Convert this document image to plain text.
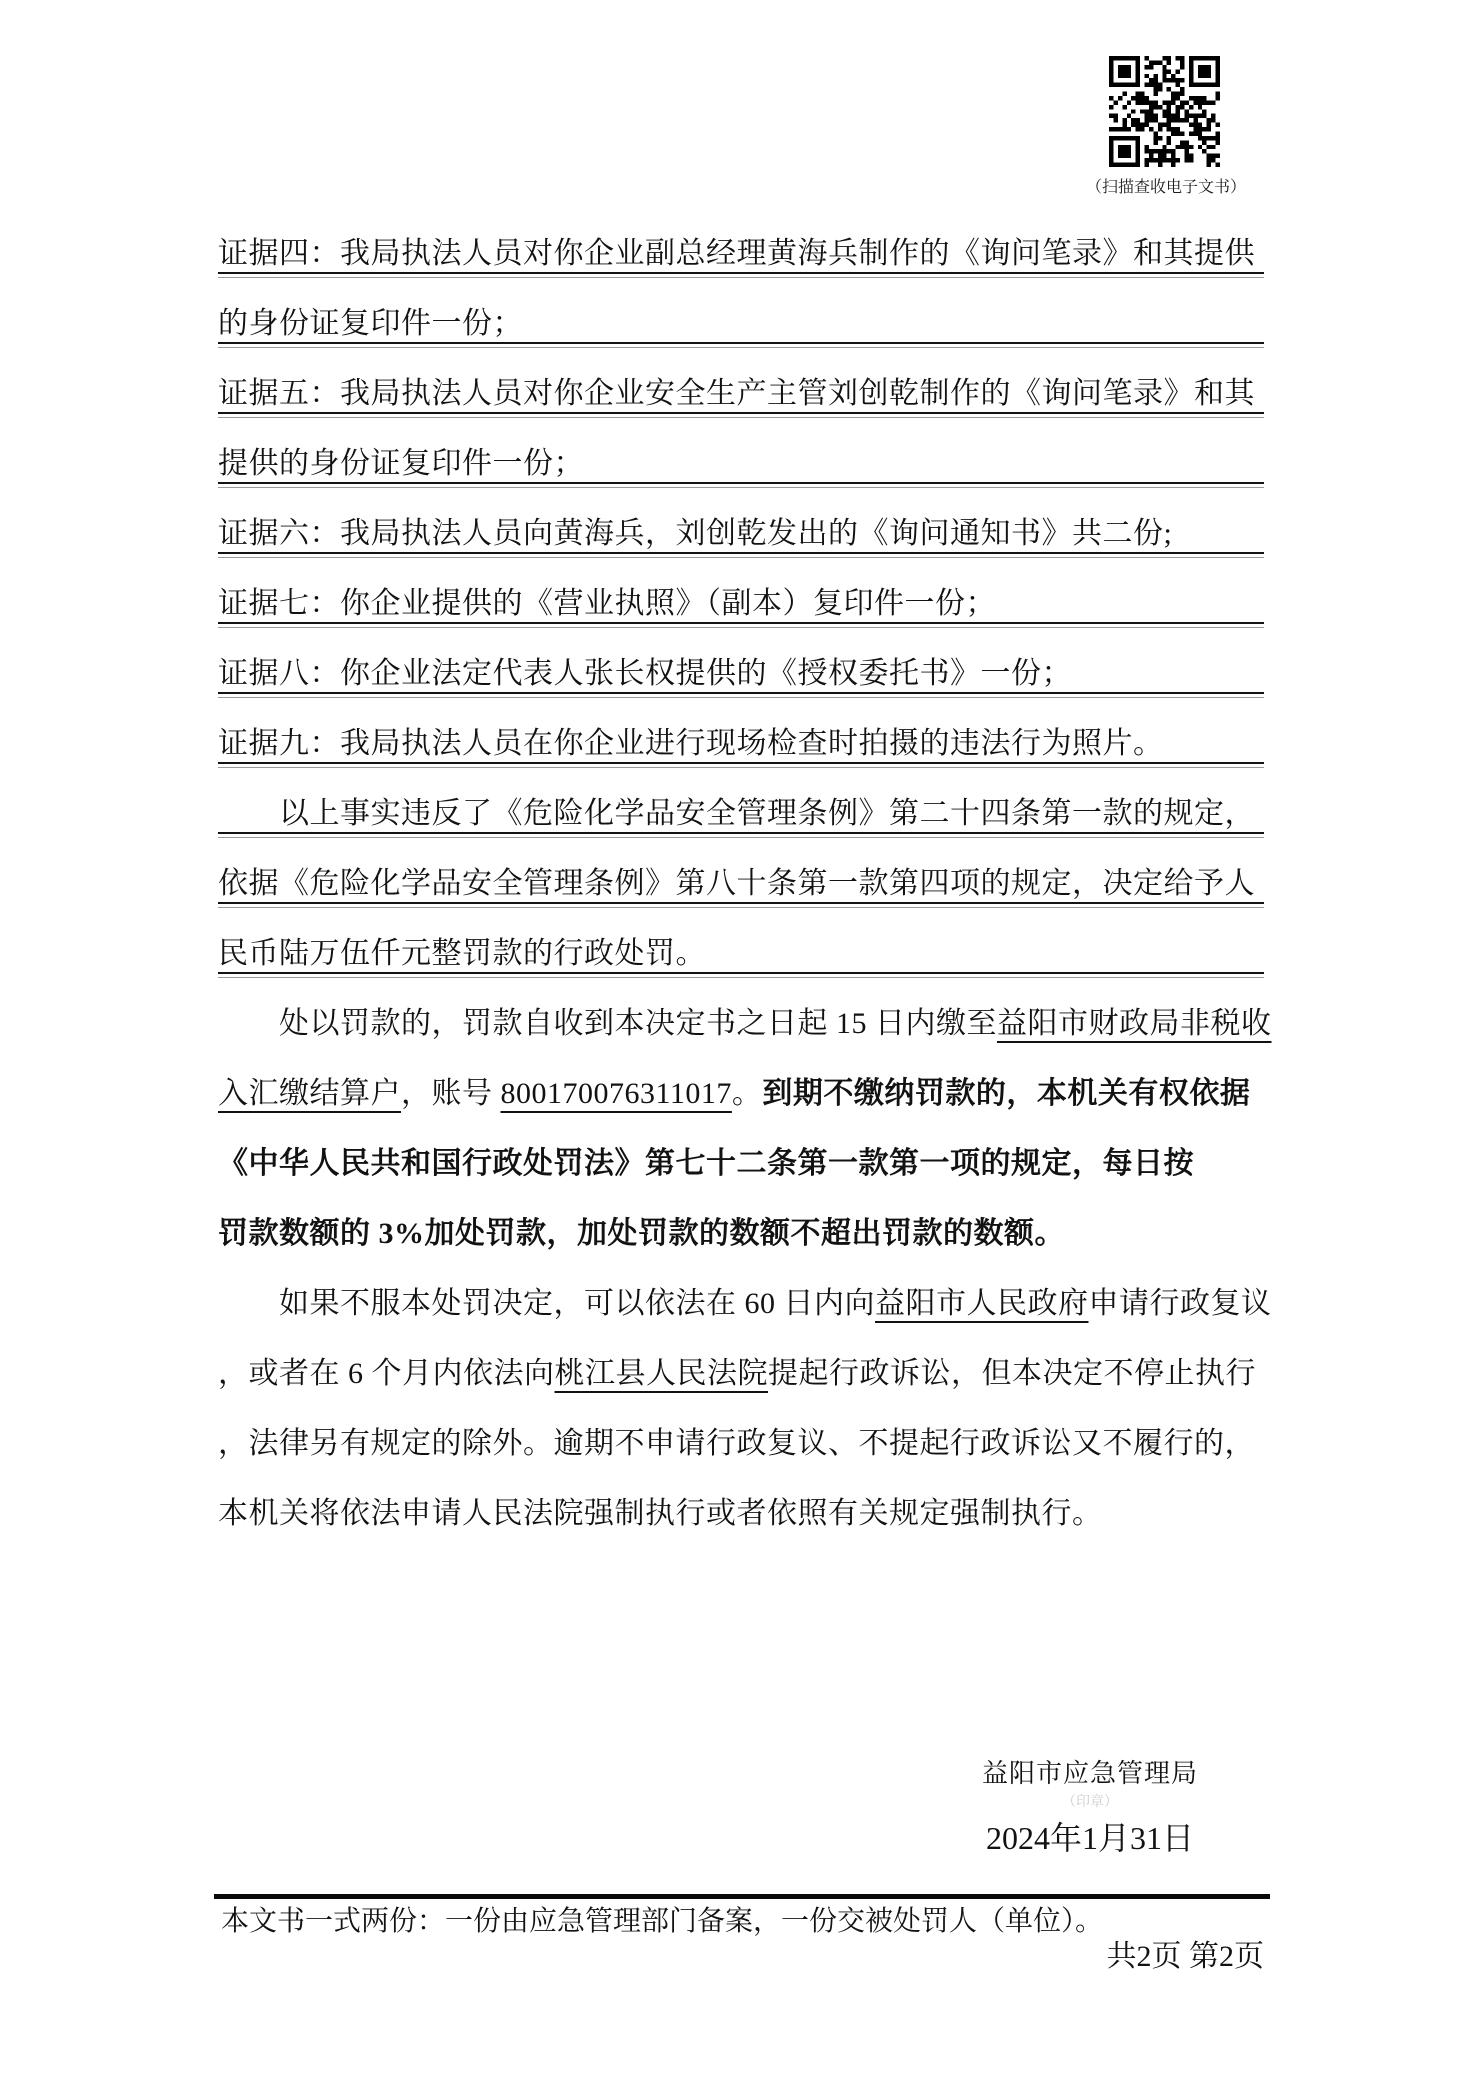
（扫描查收电子文书）
证据四：我局执法人员对你企业副总经理黄海兵制作的《询问笔录》和其提供
的身份证复印件一份；
证据五：我局执法人员对你企业安全生产主管刘创乾制作的《询问笔录》和其
提供的身份证复印件一份；
证据六：我局执法人员向黄海兵，刘创乾发出的《询问通知书》共二份;
证据七：你企业提供的《营业执照》（副本）复印件一份；
证据八：你企业法定代表人张长权提供的《授权委托书》一份；
证据九：我局执法人员在你企业进行现场检查时拍摄的违法行为照片。
以上事实违反了《危险化学品安全管理条例》第二十四条第一款的规定，
依据《危险化学品安全管理条例》第八十条第一款第四项的规定，决定给予人
民币陆万伍仟元整罚款的行政处罚。
处以罚款的，罚款自收到本决定书之日起 15 日内缴至益阳市财政局非税收
入汇缴结算户，账号 800170076311017。到期不缴纳罚款的，本机关有权依据
《中华人民共和国行政处罚法》第七十二条第一款第一项的规定，每日按
罚款数额的 3%加处罚款，加处罚款的数额不超出罚款的数额。
如果不服本处罚决定，可以依法在 60 日内向益阳市人民政府申请行政复议
，或者在 6 个月内依法向桃江县人民法院提起行政诉讼，但本决定不停止执行
，法律另有规定的除外。逾期不申请行政复议、不提起行政诉讼又不履行的，
本机关将依法申请人民法院强制执行或者依照有关规定强制执行。
益阳市应急管理局
（印章）
2024年1月31日
本文书一式两份：一份由应急管理部门备案，一份交被处罚人（单位）。
共2页 第2页
